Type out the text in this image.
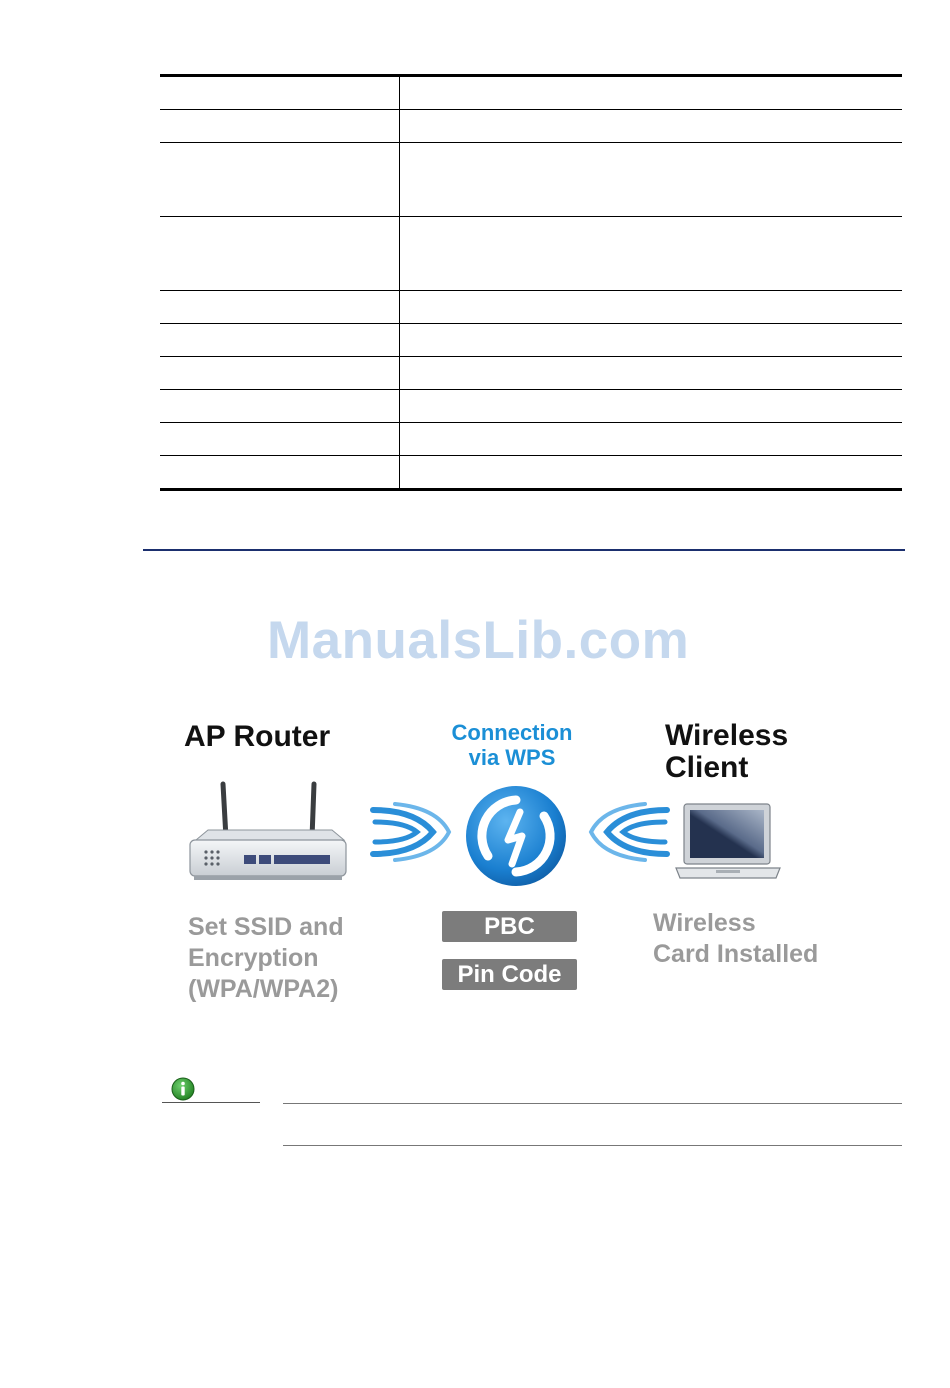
ManualsLib.com
AP Router	Connection
via WPS
Wireless
Client
Set SSID and
Encryption
(WPA/WPA2)
PBC
Pin Code
Wireless
Card Installed
